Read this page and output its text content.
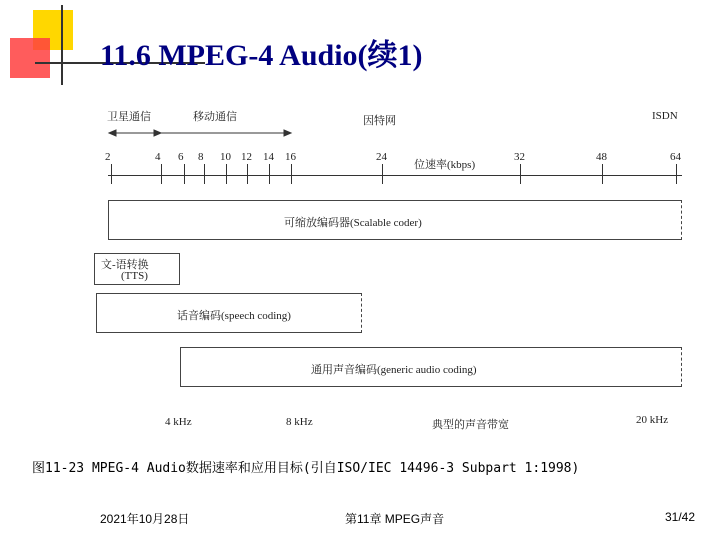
11.6 MPEG-4 Audio(续1)
卫星通信	移动通信	因特网	ISDN
位速率(kbps)
2	4 6 8 10 12 14 16	24	32	48	64
可缩放编码器(Scalable coder)
文-语转换
(TTS)
话音编码(speech coding)
通用声音编码(generic audio coding)
4 kHz	8 kHz	典型的声音带宽	20 kHz
图11-23 MPEG-4 Audio数据速率和应用目标(引自ISO/IEC 14496-3 Subpart 1:1998)
2021年10月28日	第11章 MPEG声音	31/42
